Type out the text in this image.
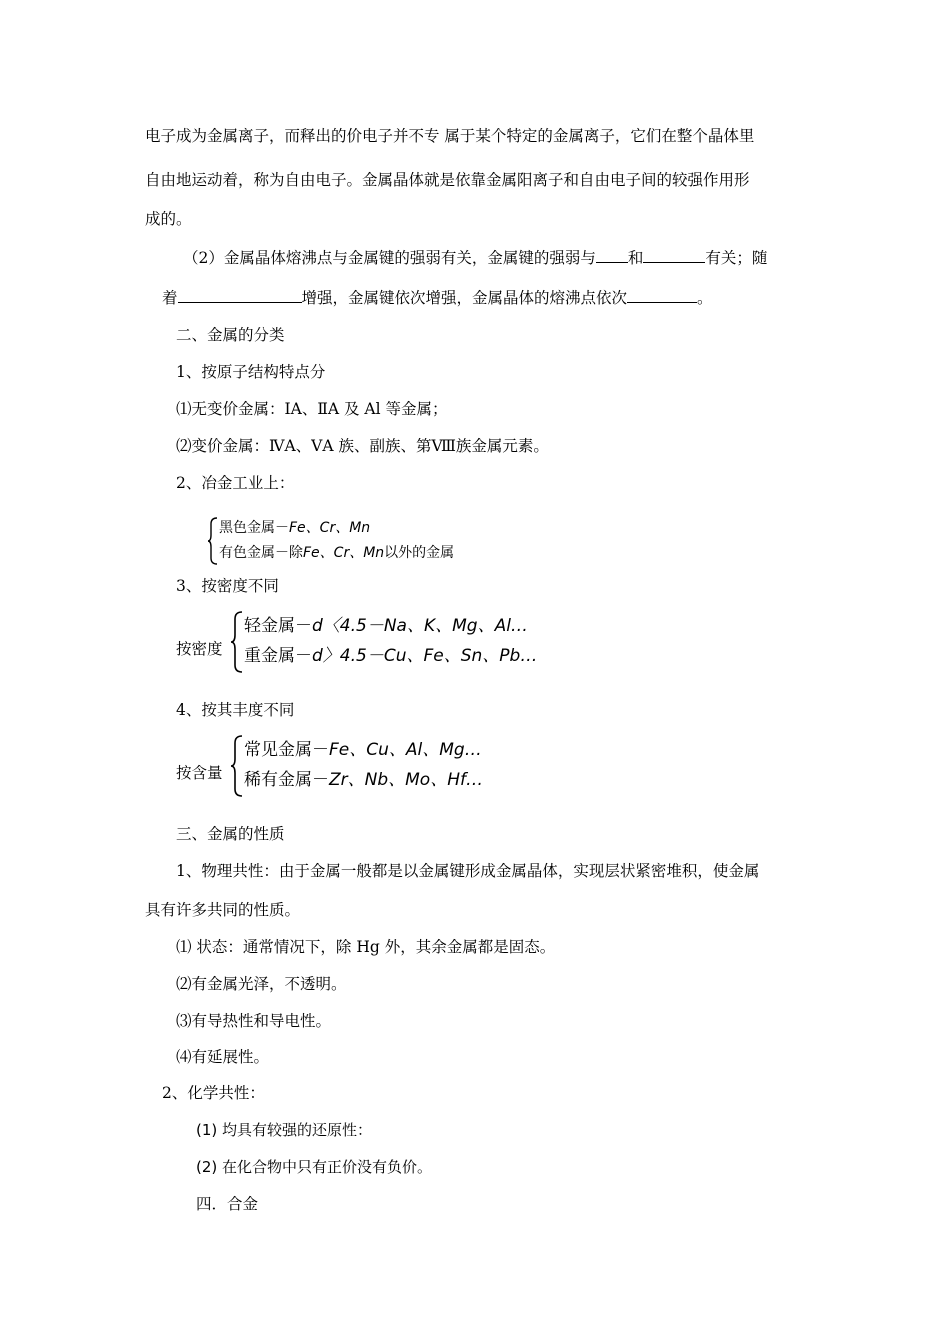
电子成为金属离子，而释出的价电子并不专 属于某个特定的金属离子，它们在整个晶体里
自由地运动着，称为自由电子。金属晶体就是依靠金属阳离子和自由电子间的较强作用形
成的。
（2）金属晶体熔沸点与金属键的强弱有关，金属键的强弱与 和	有关；随
着	增强，金属键依次增强，金属晶体的熔沸点依次	。
二、金属的分类
1、按原子结构特点分
⑴无变价金属：ⅠA、ⅡA 及 Al 等金属；
⑵变价金属：ⅣA、ⅤA 族、副族、第Ⅷ族金属元素。
2、冶金工业上：
黑色金属－Fe、Cr、Mn
有色金属－除Fe、Cr、Mn以外的金属
3、按密度不同
按密度
轻金属－d〈4.5－Na、K、Mg、Al…
重金属－d〉4.5－Cu、Fe、Sn、Pb…
4、按其丰度不同
按含量
常见金属－Fe、Cu、Al、Mg…
稀有金属－Zr、Nb、Mo、Hf…
三、金属的性质
1、物理共性：由于金属一般都是以金属键形成金属晶体，实现层状紧密堆积，使金属
具有许多共同的性质。
⑴ 状态：通常情况下，除 Hg 外，其余金属都是固态。
⑵有金属光泽，不透明。
⑶有导热性和导电性。
⑷有延展性。
2、化学共性：
(1) 均具有较强的还原性：
(2) 在化合物中只有正价没有负价。
四．合金
